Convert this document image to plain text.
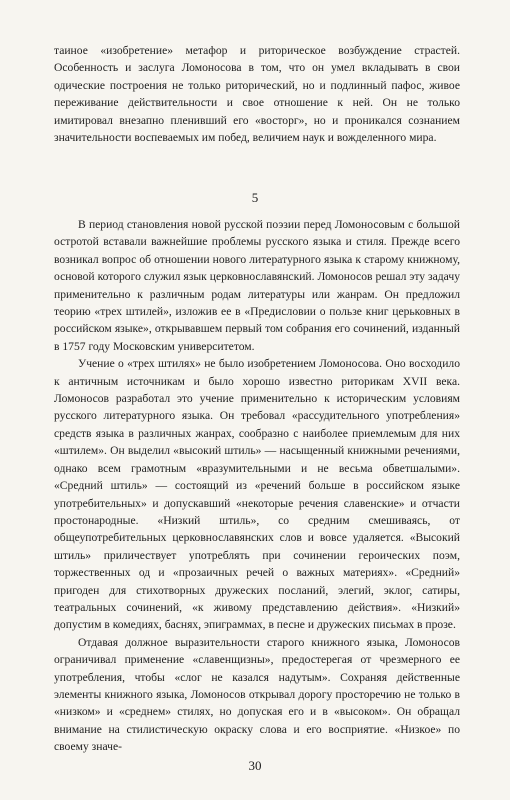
таиное «изобретение» метафор и риторическое возбуждение страстей. Особенность и заслуга Ломоносова в том, что он умел вкладывать в свои одические построения не только риторический, но и подлинный пафос, живое переживание действительности и свое отношение к ней. Он не только имитировал внезапно пленивший его «восторг», но и проникался сознанием значительности воспеваемых им побед, величием наук и вожделенного мира.

5

В период становления новой русской поэзии перед Ломоносовым с большой остротой вставали важнейшие проблемы русского языка и стиля. Прежде всего возникал вопрос об отношении нового литературного языка к старому книжному, основой которого служил язык церковнославянский. Ломоносов решал эту задачу применительно к различным родам литературы или жанрам. Он предложил теорию «трех штилей», изложив ее в «Предисловии о пользе книг церьковных в российском языке», открывавшем первый том собрания его сочинений, изданный в 1757 году Московским университетом.

Учение о «трех штилях» не было изобретением Ломоносова. Оно восходило к античным источникам и было хорошо известно риторикам XVII века. Ломоносов разработал это учение применительно к историческим условиям русского литературного языка. Он требовал «рассудительного употребления» средств языка в различных жанрах, сообразно с наиболее приемлемым для них «штилем». Он выделил «высокий штиль» — насыщенный книжными речениями, однако всем грамотным «вразумительными и не весьма обветшалыми». «Средний штиль» — состоящий из «речений больше в российском языке употребительных» и допускавший «некоторые речения славенские» и отчасти простонародные. «Низкий штиль», со средним смешиваясь, от общеупотребительных церковнославянских слов и вовсе удаляется. «Высокий штиль» приличествует употреблять при сочинении героических поэм, торжественных од и «прозаичных речей о важных материях». «Средний» пригоден для стихотворных дружеских посланий, элегий, эклог, сатиры, театральных сочинений, «к живому представлению действия». «Низкий» допустим в комедиях, баснях, эпиграммах, в песне и дружеских письмах в прозе.

Отдавая должное выразительности старого книжного языка, Ломоносов ограничивал применение «славенщизны», предостерегая от чрезмерного ее употребления, чтобы «слог не казался надутым». Сохраняя действенные элементы книжного языка, Ломоносов открывал дорогу просторечию не только в «низком» и «среднем» стилях, но допуская его и в «высоком». Он обращал внимание на стилистическую окраску слова и его восприятие. «Низкое» по своему значе-

30
